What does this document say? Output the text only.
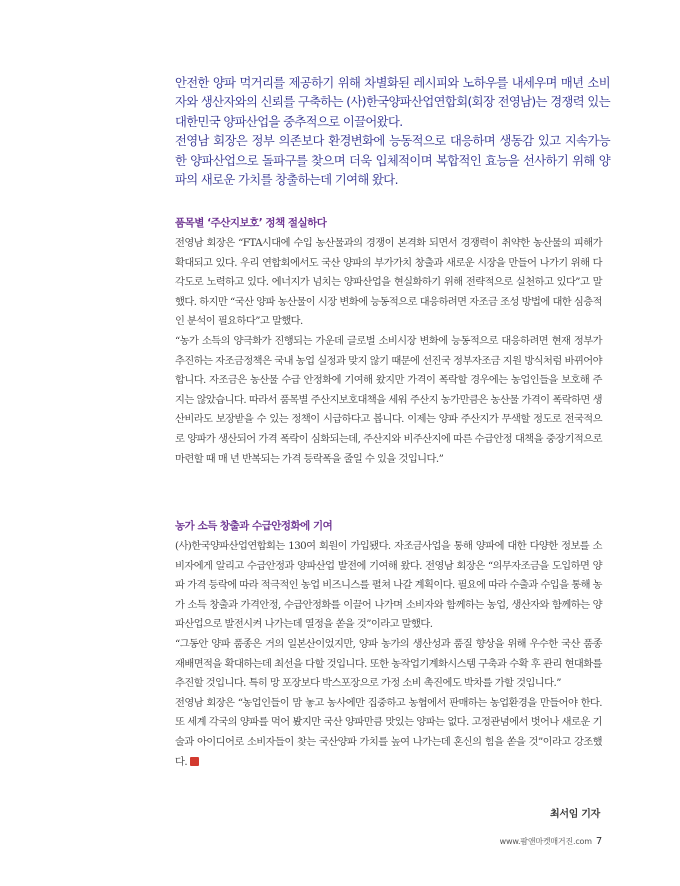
안전한 양파 먹거리를 제공하기 위해 차별화된 레시피와 노하우를 내세우며 매년 소비자와 생산자와의 신뢰를 구축하는 (사)한국양파산업연합회(회장 전영남)는 경쟁력 있는 대한민국 양파산업을 중추적으로 이끌어왔다.

전영남 회장은 정부 의존보다 환경변화에 능동적으로 대응하며 생동감 있고 지속가능한 양파산업으로 돌파구를 찾으며 더욱 입체적이며 복합적인 효능을 선사하기 위해 양파의 새로운 가치를 창출하는데 기여해 왔다.

품목별 ‘주산지보호’ 정책 절실하다

전영남 회장은 “FTA시대에 수입 농산물과의 경쟁이 본격화 되면서 경쟁력이 취약한 농산물의 피해가 확대되고 있다. 우리 연합회에서도 국산 양파의 부가가치 창출과 새로운 시장을 만들어 나가기 위해 다각도로 노력하고 있다. 에너지가 넘치는 양파산업을 현실화하기 위해 전략적으로 실천하고 있다”고 말했다. 하지만 “국산 양파 농산물이 시장 변화에 능동적으로 대응하려면 자조금 조성 방법에 대한 심층적인 분석이 필요하다”고 말했다.

“농가 소득의 양극화가 진행되는 가운데 글로벌 소비시장 변화에 능동적으로 대응하려면 현재 정부가 추진하는 자조금정책은 국내 농업 실정과 맞지 않기 때문에 선진국 정부자조금 지원 방식처럼 바뀌어야 합니다. 자조금은 농산물 수급 안정화에 기여해 왔지만 가격이 폭락할 경우에는 농업인들을 보호해 주지는 않았습니다. 따라서 품목별 주산지보호대책을 세워 주산지 농가만큼은 농산물 가격이 폭락하면 생산비라도 보장받을 수 있는 정책이 시급하다고 봅니다. 이제는 양파 주산지가 무색할 정도로 전국적으로 양파가 생산되어 가격 폭락이 심화되는데, 주산지와 비주산지에 따른 수급안정 대책을 중장기적으로 마련할 때 매 년 반복되는 가격 등락폭을 줄일 수 있을 것입니다.”

농가 소득 창출과 수급안정화에 기여

(사)한국양파산업연합회는 130여 회원이 가입됐다. 자조금사업을 통해 양파에 대한 다양한 정보를 소비자에게 알리고 수급안정과 양파산업 발전에 기여해 왔다. 전영남 회장은 “의무자조금을 도입하면 양파 가격 등락에 따라 적극적인 농업 비즈니스를 펼쳐 나갈 계획이다. 필요에 따라 수출과 수입을 통해 농가 소득 창출과 가격안정, 수급안정화를 이끌어 나가며 소비자와 함께하는 농업, 생산자와 함께하는 양파산업으로 발전시켜 나가는데 열정을 쏟을 것”이라고 말했다.

“그동안 양파 품종은 거의 일본산이었지만, 양파 농가의 생산성과 품질 향상을 위해 우수한 국산 품종 재배면적을 확대하는데 최선을 다할 것입니다. 또한 농작업기계화시스템 구축과 수확 후 관리 현대화를 추진할 것입니다. 특히 망 포장보다 박스포장으로 가정 소비 촉진에도 박차를 가할 것입니다.”

전영남 회장은 “농업인들이 맘 놓고 농사에만 집중하고 농협에서 판매하는 농업환경을 만들어야 한다. 또 세계 각국의 양파를 먹어 봤지만 국산 양파만큼 맛있는 양파는 없다. 고정관념에서 벗어나 새로운 기술과 아이디어로 소비자들이 찾는 국산양파 가치를 높여 나가는데 혼신의 힘을 쏟을 것”이라고 강조했다.

최서임 기자
www.팜앤마켓매거진.com 7
